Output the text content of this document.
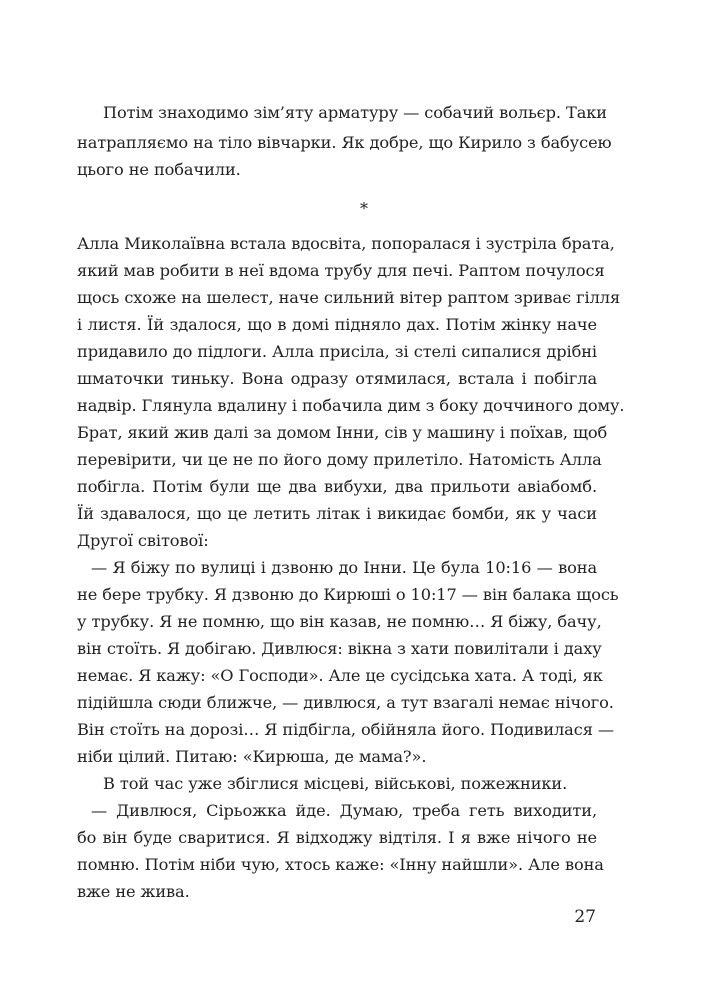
Потім знаходимо зім’яту арматуру — собачий вольєр. Таки
натрапляємо на тіло вівчарки. Як добре, що Кирило з бабусею
цього не побачили.
*
Алла Миколаївна встала вдосвіта, попоралася і зустріла брата,
який мав робити в неї вдома трубу для печі. Раптом почулося
щось схоже на шелест, наче сильний вітер раптом зриває гілля
і листя. Їй здалося, що в домі підняло дах. Потім жінку наче
придавило до підлоги. Алла присіла, зі стелі сипалися дрібні
шматочки тиньку. Вона одразу отямилася, встала і побігла
надвір. Глянула вдалину і побачила дим з боку доччиного дому.
Брат, який жив далі за домом Інни, сів у машину і поїхав, щоб
перевірити, чи це не по його дому прилетіло. Натомість Алла
побігла. Потім були ще два вибухи, два прильоти авіабомб.
Їй здавалося, що це летить літак і викидає бомби, як у часи
Другої світової:
— Я біжу по вулиці і дзвоню до Інни. Це була 10:16 — вона
не бере трубку. Я дзвоню до Кирюші о 10:17 — він балака щось
у трубку. Я не помню, що він казав, не помню… Я біжу, бачу,
він стоїть. Я добігаю. Дивлюся: вікна з хати повилітали і даху
немає. Я кажу: «О Господи». Але це сусідська хата. А тоді, як
підійшла сюди ближче, — дивлюся, а тут взагалі немає нічого.
Він стоїть на дорозі… Я підбігла, обійняла його. Подивилася —
ніби цілий. Питаю: «Кирюша, де мама?».
В той час уже збіглися місцеві, військові, пожежники.
— Дивлюся, Сірьожка йде. Думаю, треба геть виходити,
бо він буде сваритися. Я відходжу відтіля. І я вже нічого не
помню. Потім ніби чую, хтось каже: «Інну найшли». Але вона
вже не жива.
27
